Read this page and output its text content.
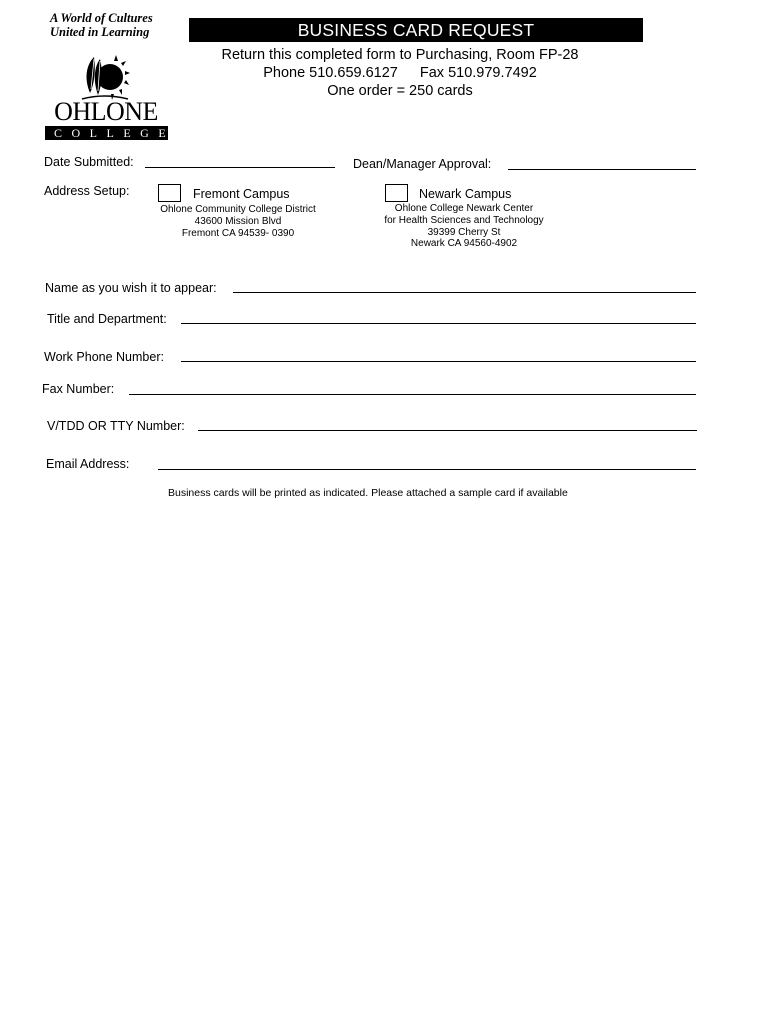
A World of Cultures
United in Learning
OHLONE
COLLEGE
BUSINESS CARD REQUEST
Return this completed form to Purchasing, Room FP-28
Phone 510.659.6127 Fax 510.979.7492
One order = 250 cards
Date Submitted:	Dean/Manager Approval:
Address Setup:	Fremont Campus
Ohlone Community College District
43600 Mission Blvd
Fremont CA 94539- 0390
Newark Campus
Ohlone College Newark Center
for Health Sciences and Technology
39399 Cherry St
Newark CA 94560-4902
Name as you wish it to appear:
Title and Department:
Work Phone Number:
Fax Number:
V/TDD OR TTY Number:
Email Address:
Business cards will be printed as indicated. Please attached a sample card if available
